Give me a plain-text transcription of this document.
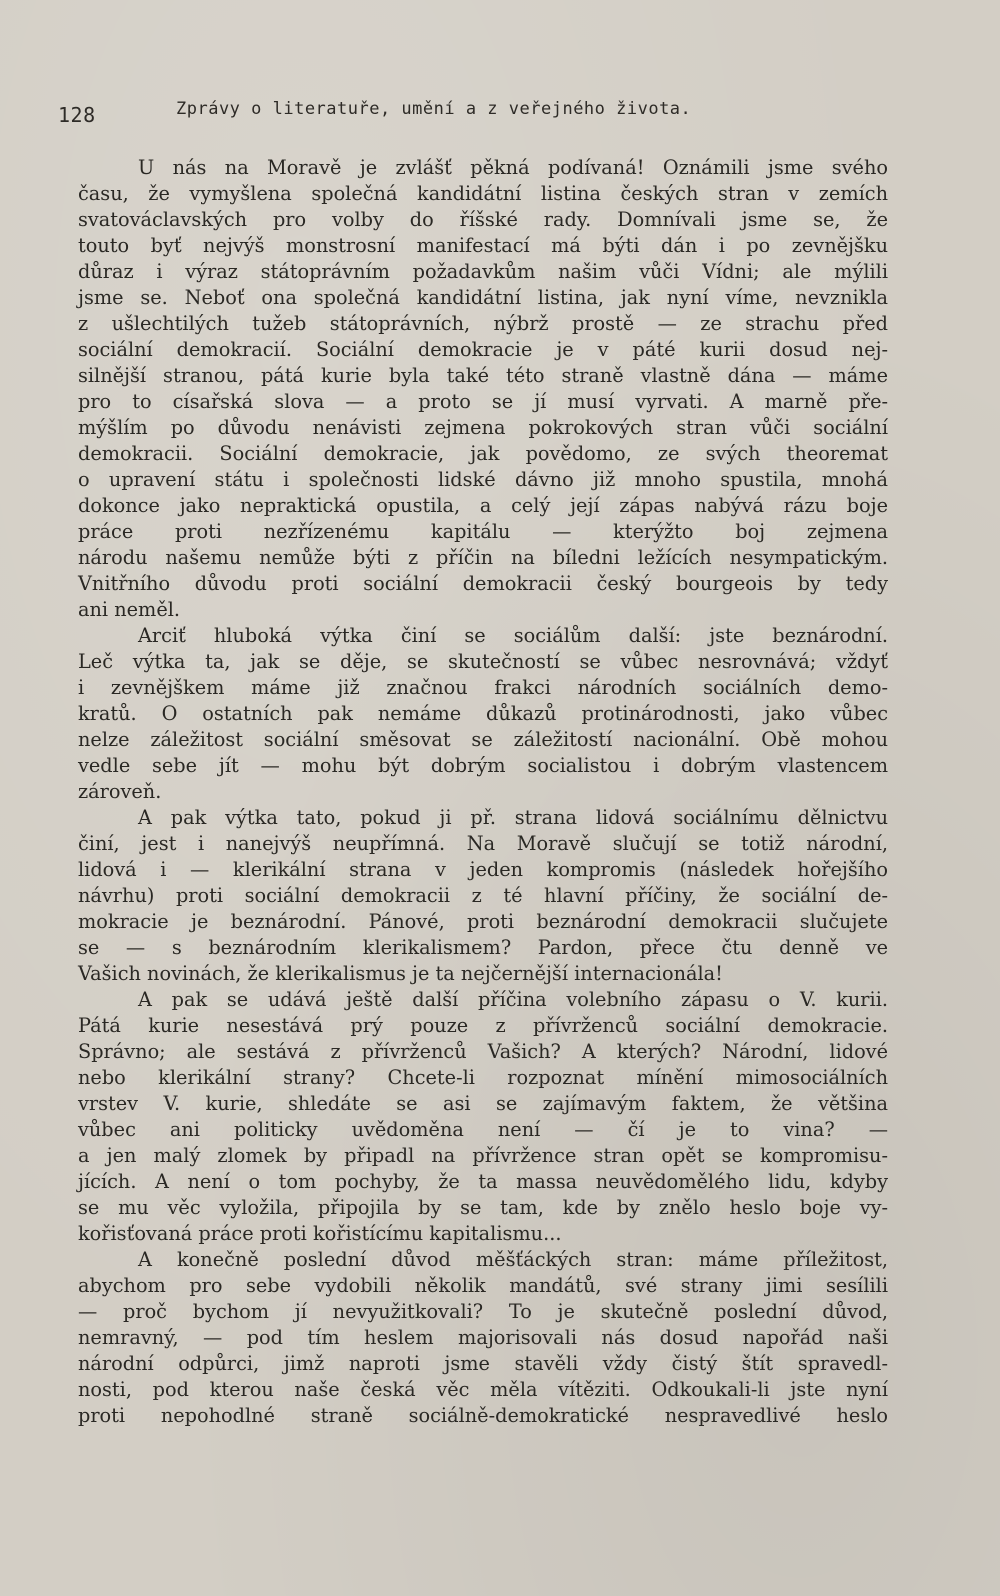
128	Zprávy o literatuře, umění a z veřejného života.
U nás na Moravě je zvlášť pěkná podívaná! Oznámili jsme svého
času, že vymyšlena společná kandidátní listina českých stran v zemích
svatováclavských pro volby do říšské rady. Domnívali jsme se, že
touto byť nejvýš monstrosní manifestací má býti dán i po zevnějšku
důraz i výraz státoprávním požadavkům našim vůči Vídni; ale mýlili
jsme se. Neboť ona společná kandidátní listina, jak nyní víme, nevznikla
z ušlechtilých tužeb státoprávních, nýbrž prostě — ze strachu před
sociální demokracií. Sociální demokracie je v páté kurii dosud nej-
silnější stranou, pátá kurie byla také této straně vlastně dána — máme
pro to císařská slova — a proto se jí musí vyrvati. A marně pře-
mýšlím po důvodu nenávisti zejmena pokrokových stran vůči sociální
demokracii. Sociální demokracie, jak povědomo, ze svých theoremat
o upravení státu i společnosti lidské dávno již mnoho spustila, mnohá
dokonce jako nepraktická opustila, a celý její zápas nabývá rázu boje
práce proti nezřízenému kapitálu — kterýžto boj zejmena
národu našemu nemůže býti z příčin na bíledni ležících nesympatickým.
Vnitřního důvodu proti sociální demokracii český bourgeois by tedy
ani neměl.
Arciť hluboká výtka činí se sociálům další: jste beznárodní.
Leč výtka ta, jak se děje, se skutečností se vůbec nesrovnává; vždyť
i zevnějškem máme již značnou frakci národních sociálních demo-
kratů. O ostatních pak nemáme důkazů protinárodnosti, jako vůbec
nelze záležitost sociální směsovat se záležitostí nacionální. Obě mohou
vedle sebe jít — mohu být dobrým socialistou i dobrým vlastencem
zároveň.
A pak výtka tato, pokud ji př. strana lidová sociálnímu dělnictvu
činí, jest i nanejvýš neupřímná. Na Moravě slučují se totiž národní,
lidová i — klerikální strana v jeden kompromis (následek hořejšího
návrhu) proti sociální demokracii z té hlavní příčiny, že sociální de-
mokracie je beznárodní. Pánové, proti beznárodní demokracii slučujete
se — s beznárodním klerikalismem? Pardon, přece čtu denně ve
Vašich novinách, že klerikalismus je ta nejčernější internacionála!
A pak se udává ještě další příčina volebního zápasu o V. kurii.
Pátá kurie nesestává prý pouze z přívrženců sociální demokracie.
Správno; ale sestává z přívrženců Vašich? A kterých? Národní, lidové
nebo klerikální strany? Chcete-li rozpoznat mínění mimosociálních
vrstev V. kurie, shledáte se asi se zajímavým faktem, že většina
vůbec ani politicky uvědoměna není — čí je to vina? —
a jen malý zlomek by připadl na přívržence stran opět se kompromisu-
jících. A není o tom pochyby, že ta massa neuvědomělého lidu, kdyby
se mu věc vyložila, připojila by se tam, kde by znělo heslo boje vy-
kořisťovaná práce proti kořistícímu kapitalismu...
A konečně poslední důvod měšťáckých stran: máme příležitost,
abychom pro sebe vydobili několik mandátů, své strany jimi sesílili
— proč bychom jí nevyužitkovali? To je skutečně poslední důvod,
nemravný, — pod tím heslem majorisovali nás dosud napořád naši
národní odpůrci, jimž naproti jsme stavěli vždy čistý štít spravedl-
nosti, pod kterou naše česká věc měla vítěziti. Odkoukali-li jste nyní
proti nepohodlné straně sociálně-demokratické nespravedlivé heslo
